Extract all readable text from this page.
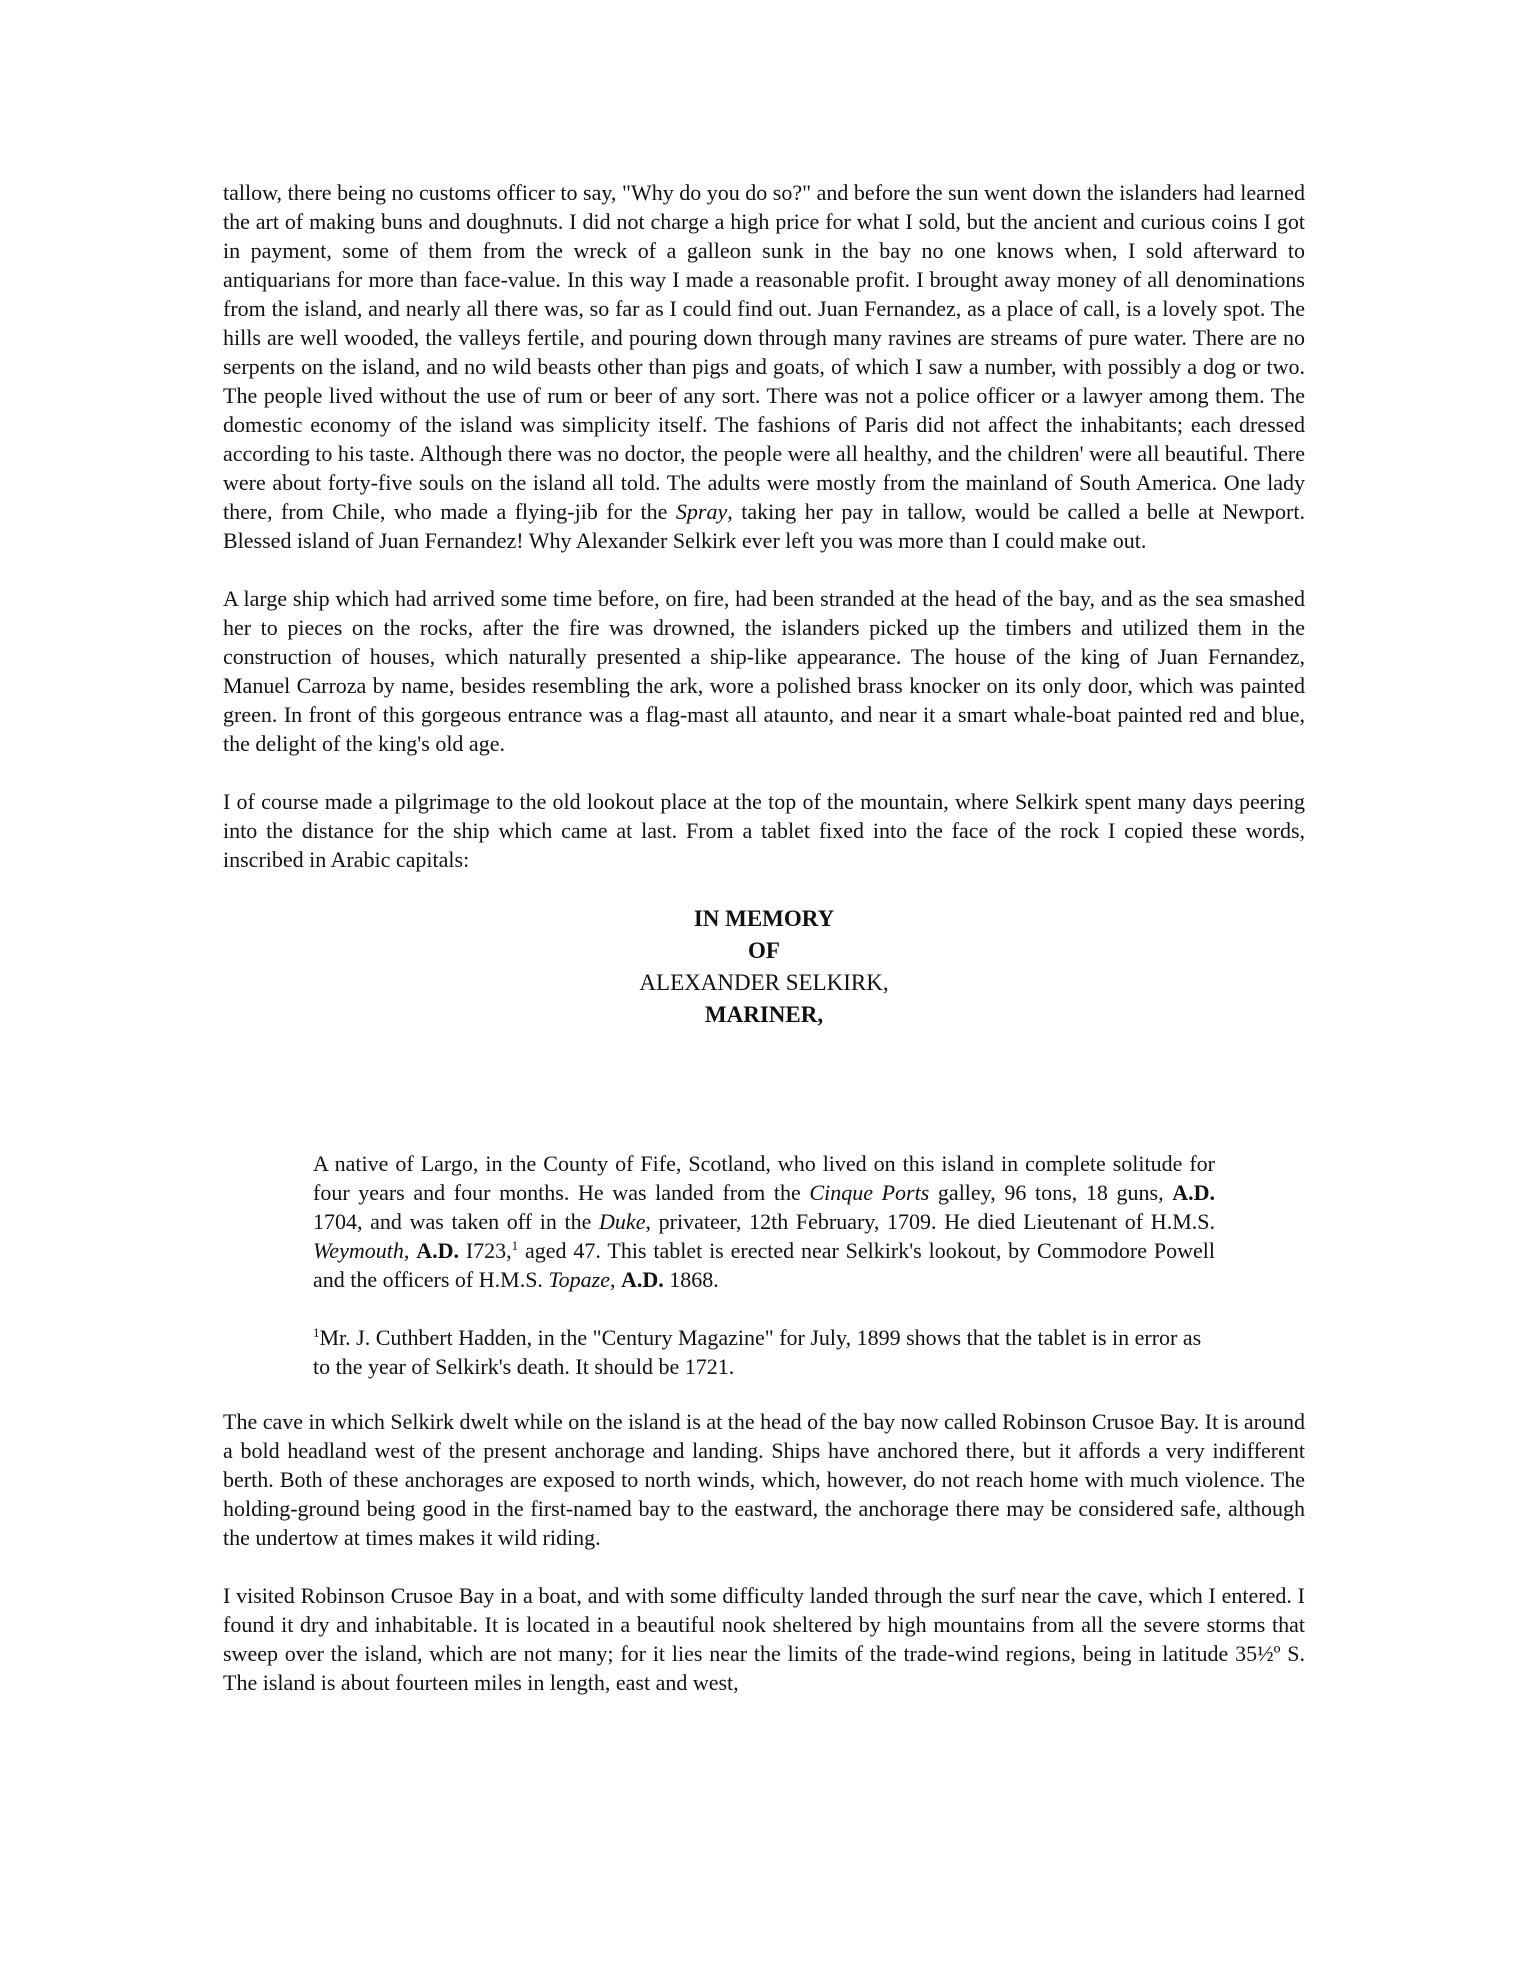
tallow, there being no customs officer to say, "Why do you do so?" and before the sun went down the islanders had learned the art of making buns and doughnuts. I did not charge a high price for what I sold, but the ancient and curious coins I got in payment, some of them from the wreck of a galleon sunk in the bay no one knows when, I sold afterward to antiquarians for more than face-value. In this way I made a reasonable profit. I brought away money of all denominations from the island, and nearly all there was, so far as I could find out. Juan Fernandez, as a place of call, is a lovely spot. The hills are well wooded, the valleys fertile, and pouring down through many ravines are streams of pure water. There are no serpents on the island, and no wild beasts other than pigs and goats, of which I saw a number, with possibly a dog or two. The people lived without the use of rum or beer of any sort. There was not a police officer or a lawyer among them. The domestic economy of the island was simplicity itself. The fashions of Paris did not affect the inhabitants; each dressed according to his taste. Although there was no doctor, the people were all healthy, and the children' were all beautiful. There were about forty-five souls on the island all told. The adults were mostly from the mainland of South America. One lady there, from Chile, who made a flying-jib for the Spray, taking her pay in tallow, would be called a belle at Newport. Blessed island of Juan Fernandez! Why Alexander Selkirk ever left you was more than I could make out.

A large ship which had arrived some time before, on fire, had been stranded at the head of the bay, and as the sea smashed her to pieces on the rocks, after the fire was drowned, the islanders picked up the timbers and utilized them in the construction of houses, which naturally presented a ship-like appearance. The house of the king of Juan Fernandez, Manuel Carroza by name, besides resembling the ark, wore a polished brass knocker on its only door, which was painted green. In front of this gorgeous entrance was a flag-mast all ataunto, and near it a smart whale-boat painted red and blue, the delight of the king's old age.

I of course made a pilgrimage to the old lookout place at the top of the mountain, where Selkirk spent many days peering into the distance for the ship which came at last. From a tablet fixed into the face of the rock I copied these words, inscribed in Arabic capitals:

IN MEMORY
OF
ALEXANDER SELKIRK,
MARINER,

A native of Largo, in the County of Fife, Scotland, who lived on this island in complete solitude for four years and four months. He was landed from the Cinque Ports galley, 96 tons, 18 guns, A.D. 1704, and was taken off in the Duke, privateer, 12th February, 1709. He died Lieutenant of H.M.S. Weymouth, A.D. I723,$^1$ aged 47. This tablet is erected near Selkirk's lookout, by Commodore Powell and the officers of H.M.S. Topaze, A.D. 1868.

$^1$Mr. J. Cuthbert Hadden, in the "Century Magazine" for July, 1899 shows that the tablet is in error as to the year of Selkirk's death. It should be 1721.

The cave in which Selkirk dwelt while on the island is at the head of the bay now called Robinson Crusoe Bay. It is around a bold headland west of the present anchorage and landing. Ships have anchored there, but it affords a very indifferent berth. Both of these anchorages are exposed to north winds, which, however, do not reach home with much violence. The holding-ground being good in the first-named bay to the eastward, the anchorage there may be considered safe, although the undertow at times makes it wild riding.

I visited Robinson Crusoe Bay in a boat, and with some difficulty landed through the surf near the cave, which I entered. I found it dry and inhabitable. It is located in a beautiful nook sheltered by high mountains from all the severe storms that sweep over the island, which are not many; for it lies near the limits of the trade-wind regions, being in latitude 35½º S. The island is about fourteen miles in length, east and west,
